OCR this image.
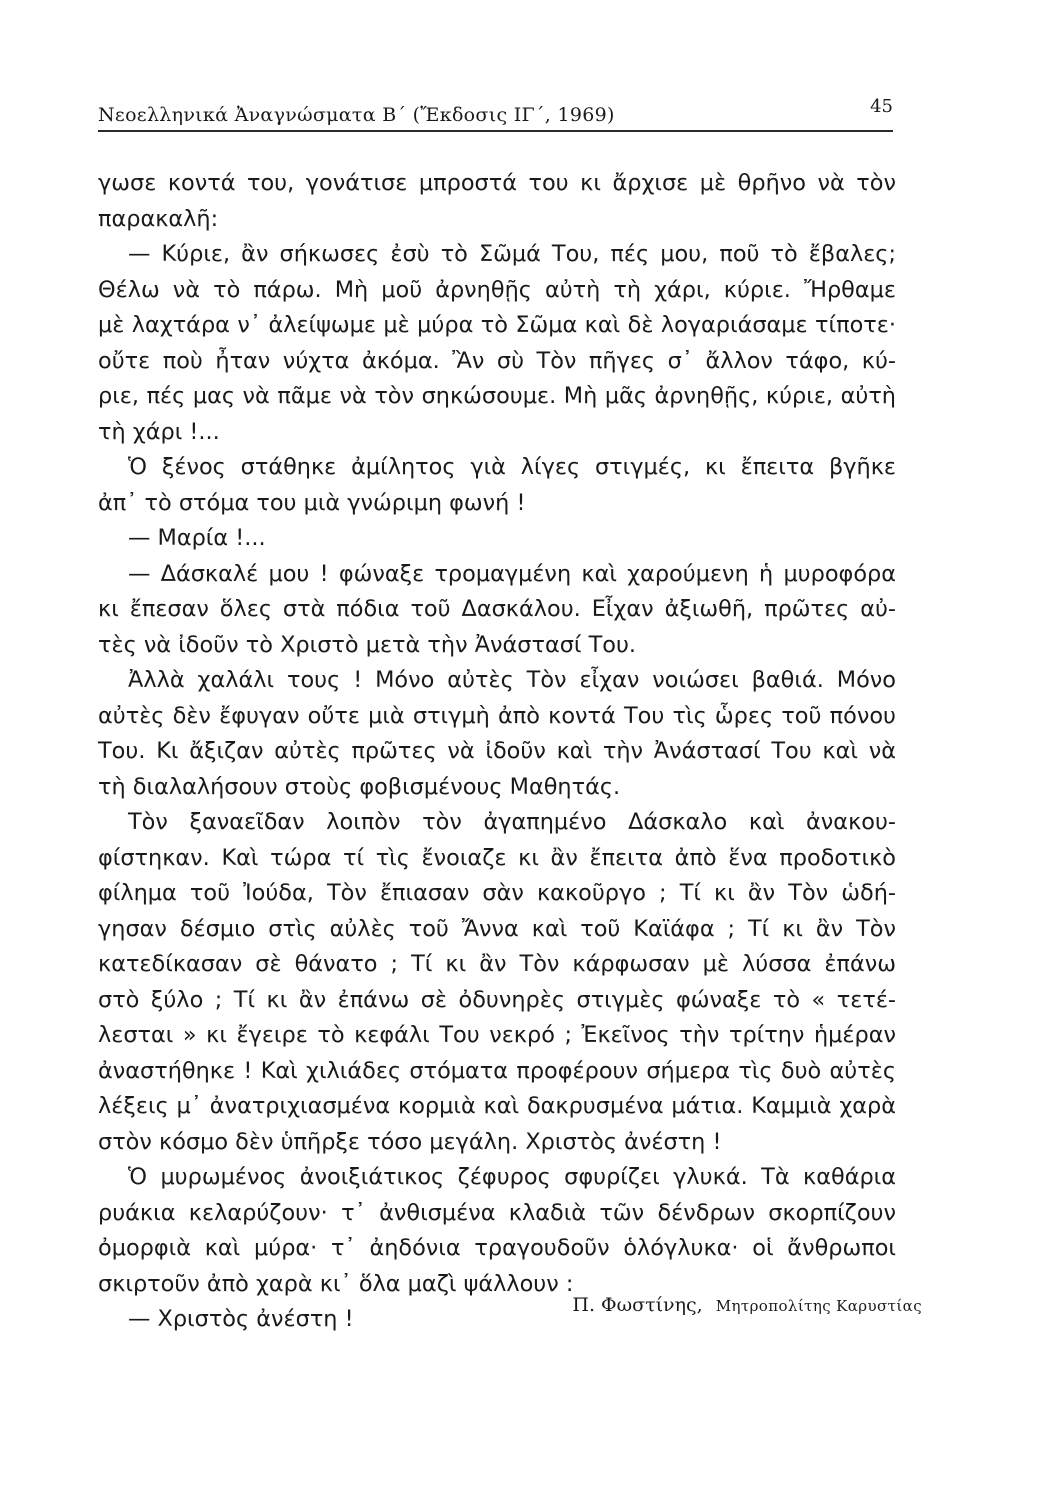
Νεοελληνικά Ἀναγνώσματα Β΄ (Ἔκδοσις ΙΓ΄, 1969)	45
γωσε κοντά του, γονάτισε μπροστά του κι ἄρχισε μὲ θρῆνο νὰ τὸν
παρακαλῆ:
— Κύριε, ἂν σήκωσες ἐσὺ τὸ Σῶμά Του, πές μου, ποῦ τὸ ἔβαλες;
Θέλω νὰ τὸ πάρω. Μὴ μοῦ ἀρνηθῇς αὐτὴ τὴ χάρι, κύριε. Ἤρθαμε
μὲ λαχτάρα ν᾽ ἀλείψωμε μὲ μύρα τὸ Σῶμα καὶ δὲ λογαριάσαμε τίποτε·
οὔτε ποὺ ἦταν νύχτα ἀκόμα. Ἂν σὺ Τὸν πῆγες σ᾽ ἄλλον τάφο, κύ-
ριε, πές μας νὰ πᾶμε νὰ τὸν σηκώσουμε. Μὴ μᾶς ἀρνηθῇς, κύριε, αὐτὴ
τὴ χάρι !...
Ὁ ξένος στάθηκε ἀμίλητος γιὰ λίγες στιγμές, κι ἔπειτα βγῆκε
ἀπ᾽ τὸ στόμα του μιὰ γνώριμη φωνή !
— Μαρία !...
— Δάσκαλέ μου ! φώναξε τρομαγμένη καὶ χαρούμενη ἡ μυροφόρα
κι ἔπεσαν ὅλες στὰ πόδια τοῦ Δασκάλου. Εἶχαν ἀξιωθῆ, πρῶτες αὐ-
τὲς νὰ ἰδοῦν τὸ Χριστὸ μετὰ τὴν Ἀνάστασί Του.
Ἀλλὰ χαλάλι τους ! Μόνο αὐτὲς Τὸν εἶχαν νοιώσει βαθιά. Μόνο
αὐτὲς δὲν ἔφυγαν οὔτε μιὰ στιγμὴ ἀπὸ κοντά Του τὶς ὧρες τοῦ πόνου
Του. Κι ἄξιζαν αὐτὲς πρῶτες νὰ ἰδοῦν καὶ τὴν Ἀνάστασί Του καὶ νὰ
τὴ διαλαλήσουν στοὺς φοβισμένους Μαθητάς.
Τὸν ξαναεῖδαν λοιπὸν τὸν ἀγαπημένο Δάσκαλο καὶ ἀνακου-
φίστηκαν. Καὶ τώρα τί τὶς ἔνοιαζε κι ἂν ἔπειτα ἀπὸ ἕνα προδοτικὸ
φίλημα τοῦ Ἰούδα, Τὸν ἔπιασαν σὰν κακοῦργο ; Τί κι ἂν Τὸν ὡδή-
γησαν δέσμιο στὶς αὐλὲς τοῦ Ἄννα καὶ τοῦ Καϊάφα ; Τί κι ἂν Τὸν
κατεδίκασαν σὲ θάνατο ; Τί κι ἂν Τὸν κάρφωσαν μὲ λύσσα ἐπάνω
στὸ ξύλο ; Τί κι ἂν ἐπάνω σὲ ὀδυνηρὲς στιγμὲς φώναξε τὸ « τετέ-
λεσται » κι ἔγειρε τὸ κεφάλι Του νεκρό ; Ἐκεῖνος τὴν τρίτην ἡμέραν
ἀναστήθηκε ! Καὶ χιλιάδες στόματα προφέρουν σήμερα τὶς δυὸ αὐτὲς
λέξεις μ᾽ ἀνατριχιασμένα κορμιὰ καὶ δακρυσμένα μάτια. Καμμιὰ χαρὰ
στὸν κόσμο δὲν ὑπῆρξε τόσο μεγάλη. Χριστὸς ἀνέστη !
Ὁ μυρωμένος ἀνοιξιάτικος ζέφυρος σφυρίζει γλυκά. Τὰ καθάρια
ρυάκια κελαρύζουν· τ᾽ ἀνθισμένα κλαδιὰ τῶν δένδρων σκορπίζουν
ὀμορφιὰ καὶ μύρα· τ᾽ ἀηδόνια τραγουδοῦν ὁλόγλυκα· οἱ ἄνθρωποι
σκιρτοῦν ἀπὸ χαρὰ κι᾽ ὅλα μαζὶ ψάλλουν :
— Χριστὸς ἀνέστη !
Π. Φωστίνης, Μητροπολίτης Καρυστίας
